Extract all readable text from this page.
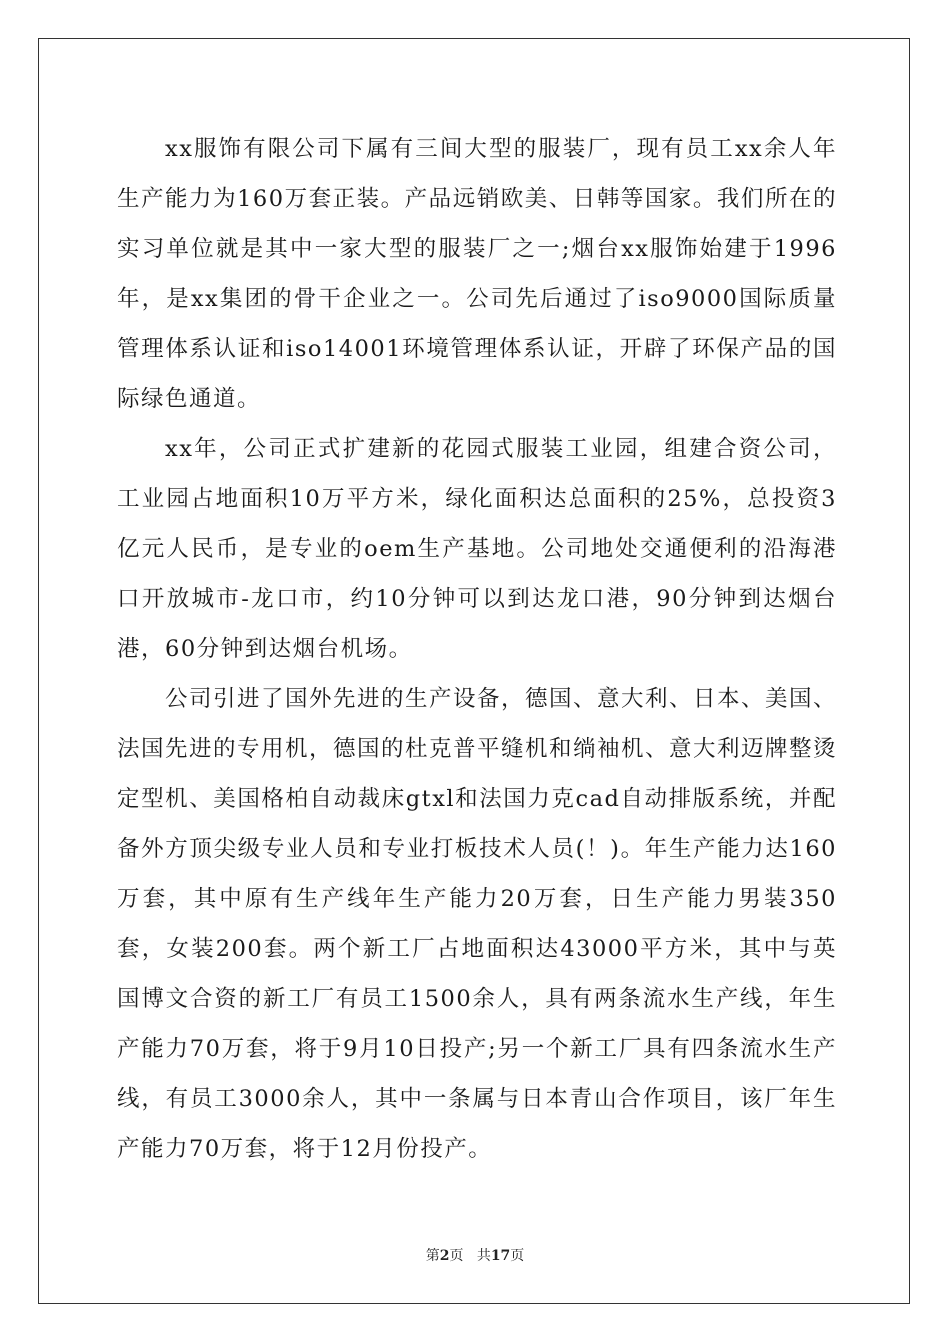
xx服饰有限公司下属有三间大型的服装厂，现有员工xx余人年生产能力为160万套正装。产品远销欧美、日韩等国家。我们所在的实习单位就是其中一家大型的服装厂之一;烟台xx服饰始建于1996年，是xx集团的骨干企业之一。公司先后通过了iso9000国际质量管理体系认证和iso14001环境管理体系认证，开辟了环保产品的国际绿色通道。

xx年，公司正式扩建新的花园式服装工业园，组建合资公司，工业园占地面积10万平方米，绿化面积达总面积的25%，总投资3亿元人民币，是专业的oem生产基地。公司地处交通便利的沿海港口开放城市-龙口市，约10分钟可以到达龙口港，90分钟到达烟台港，60分钟到达烟台机场。

公司引进了国外先进的生产设备，德国、意大利、日本、美国、法国先进的专用机，德国的杜克普平缝机和绱袖机、意大利迈牌整烫定型机、美国格柏自动裁床gtxl和法国力克cad自动排版系统，并配备外方顶尖级专业人员和专业打板技术人员(！)。年生产能力达160万套，其中原有生产线年生产能力20万套，日生产能力男装350套，女装200套。两个新工厂占地面积达43000平方米，其中与英国博文合资的新工厂有员工1500余人，具有两条流水生产线，年生产能力70万套，将于9月10日投产;另一个新工厂具有四条流水生产线，有员工3000余人，其中一条属与日本青山合作项目，该厂年生产能力70万套，将于12月份投产。

第2页 共17页
